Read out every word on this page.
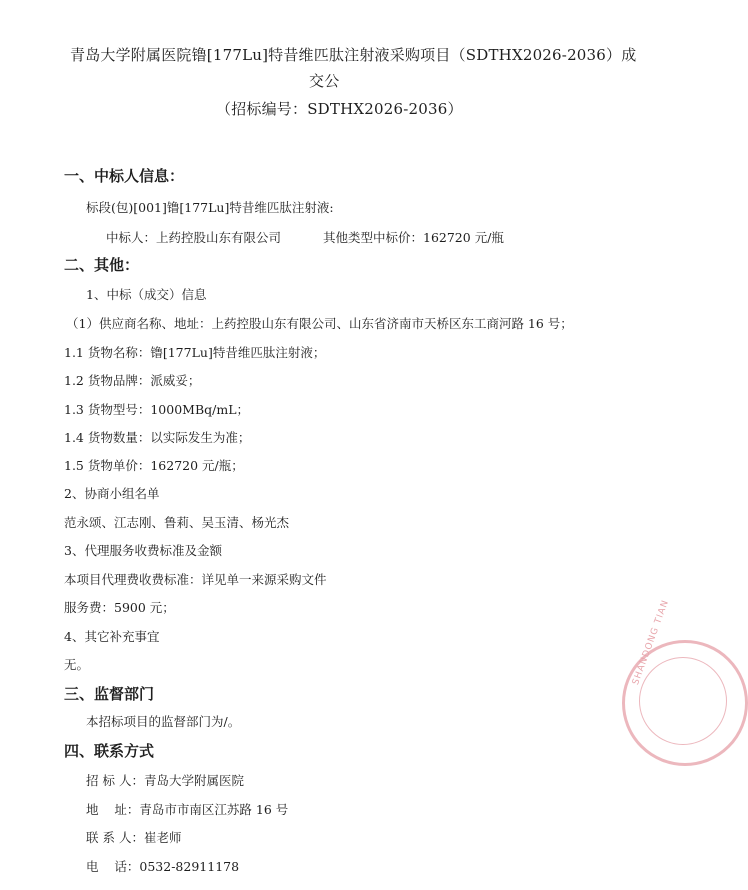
青岛大学附属医院镥[177Lu]特昔维匹肽注射液采购项目（SDTHX2026-2036）成
交公
（招标编号：SDTHX2026-2036）
一、中标人信息：
标段(包)[001]镥[177Lu]特昔维匹肽注射液:
中标人：上药控股山东有限公司	其他类型中标价：162720 元/瓶
二、其他：
1、中标（成交）信息
（1）供应商名称、地址：上药控股山东有限公司、山东省济南市天桥区东工商河路 16 号；
1.1 货物名称：镥[177Lu]特昔维匹肽注射液；
1.2 货物品牌：派威妥；
1.3 货物型号：1000MBq/mL；
1.4 货物数量：以实际发生为准；
1.5 货物单价：162720 元/瓶；
2、协商小组名单
范永颂、江志刚、鲁莉、吴玉清、杨光杰
3、代理服务收费标准及金额
本项目代理费收费标准：详见单一来源采购文件
服务费：5900 元；
4、其它补充事宜
无。
三、监督部门
本招标项目的监督部门为/。
四、联系方式
招 标 人：青岛大学附属医院
地    址：青岛市市南区江苏路 16 号
联 系 人：崔老师
电    话：0532-82911178
SHANDONG TIAN
